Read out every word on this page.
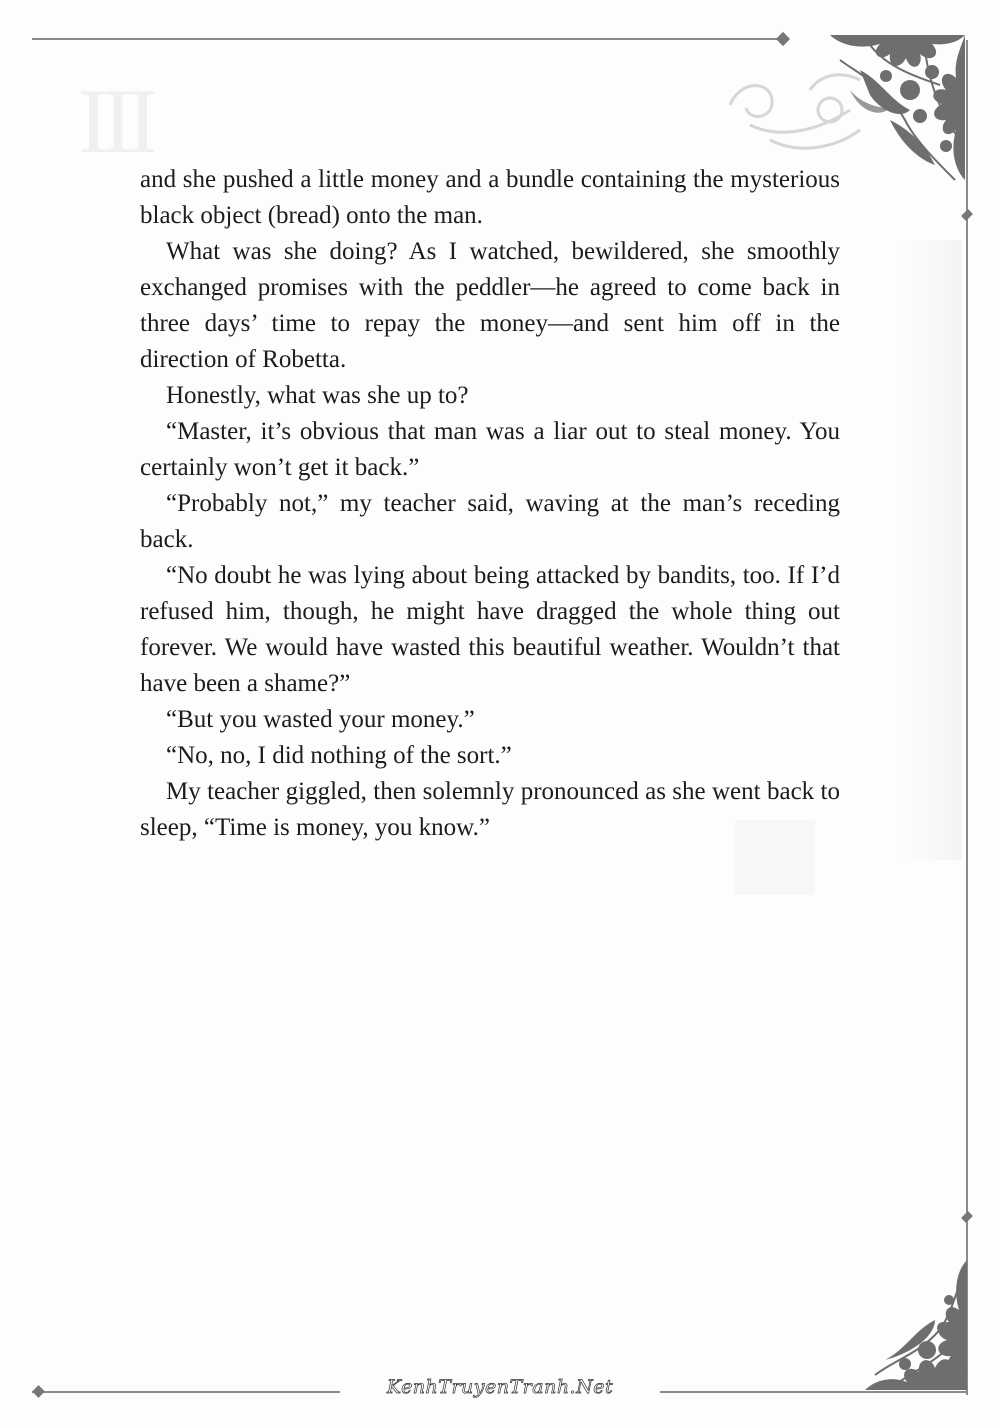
III

and she pushed a little money and a bundle containing the mysterious black object (bread) onto the man.

What was she doing? As I watched, bewildered, she smoothly exchanged promises with the peddler—he agreed to come back in three days’ time to repay the money—and sent him off in the direction of Robetta.

Honestly, what was she up to?

“Master, it’s obvious that man was a liar out to steal money. You certainly won’t get it back.”

“Probably not,” my teacher said, waving at the man’s receding back.

“No doubt he was lying about being attacked by bandits, too. If I’d refused him, though, he might have dragged the whole thing out forever. We would have wasted this beautiful weather. Wouldn’t that have been a shame?”

“But you wasted your money.”

“No, no, I did nothing of the sort.”

My teacher giggled, then solemnly pronounced as she went back to sleep, “Time is money, you know.”

KenhTruyenTranh.Net
